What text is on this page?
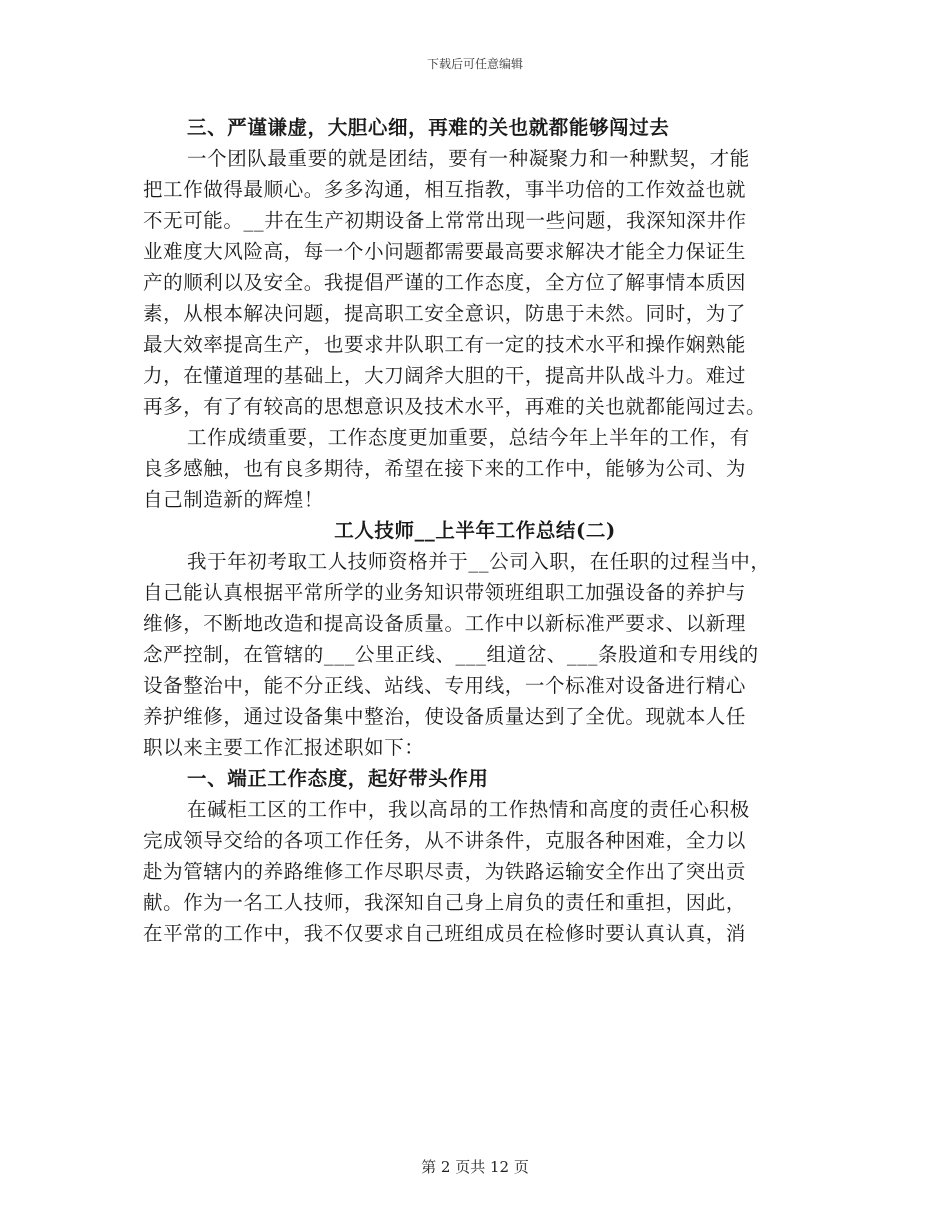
下载后可任意编辑
三、严谨谦虚，大胆心细，再难的关也就都能够闯过去
一个团队最重要的就是团结，要有一种凝聚力和一种默契，才能
把工作做得最顺心。多多沟通，相互指教，事半功倍的工作效益也就
不无可能。__井在生产初期设备上常常出现一些问题，我深知深井作
业难度大风险高，每一个小问题都需要最高要求解决才能全力保证生
产的顺利以及安全。我提倡严谨的工作态度，全方位了解事情本质因
素，从根本解决问题，提高职工安全意识，防患于未然。同时，为了
最大效率提高生产，也要求井队职工有一定的技术水平和操作娴熟能
力，在懂道理的基础上，大刀阔斧大胆的干，提高井队战斗力。难过
再多，有了有较高的思想意识及技术水平，再难的关也就都能闯过去。
工作成绩重要，工作态度更加重要，总结今年上半年的工作，有
良多感触，也有良多期待，希望在接下来的工作中，能够为公司、为
自己制造新的辉煌！
工人技师__上半年工作总结(二)
我于年初考取工人技师资格并于__公司入职，在任职的过程当中，
自己能认真根据平常所学的业务知识带领班组职工加强设备的养护与
维修，不断地改造和提高设备质量。工作中以新标准严要求、以新理
念严控制，在管辖的___公里正线、___组道岔、___条股道和专用线的
设备整治中，能不分正线、站线、专用线，一个标准对设备进行精心
养护维修，通过设备集中整治，使设备质量达到了全优。现就本人任
职以来主要工作汇报述职如下：
一、端正工作态度，起好带头作用
在碱柜工区的工作中，我以高昂的工作热情和高度的责任心积极
完成领导交给的各项工作任务，从不讲条件，克服各种困难，全力以
赴为管辖内的养路维修工作尽职尽责，为铁路运输安全作出了突出贡
献。作为一名工人技师，我深知自己身上肩负的责任和重担，因此，
在平常的工作中，我不仅要求自己班组成员在检修时要认真认真，消
第 2 页共 12 页
